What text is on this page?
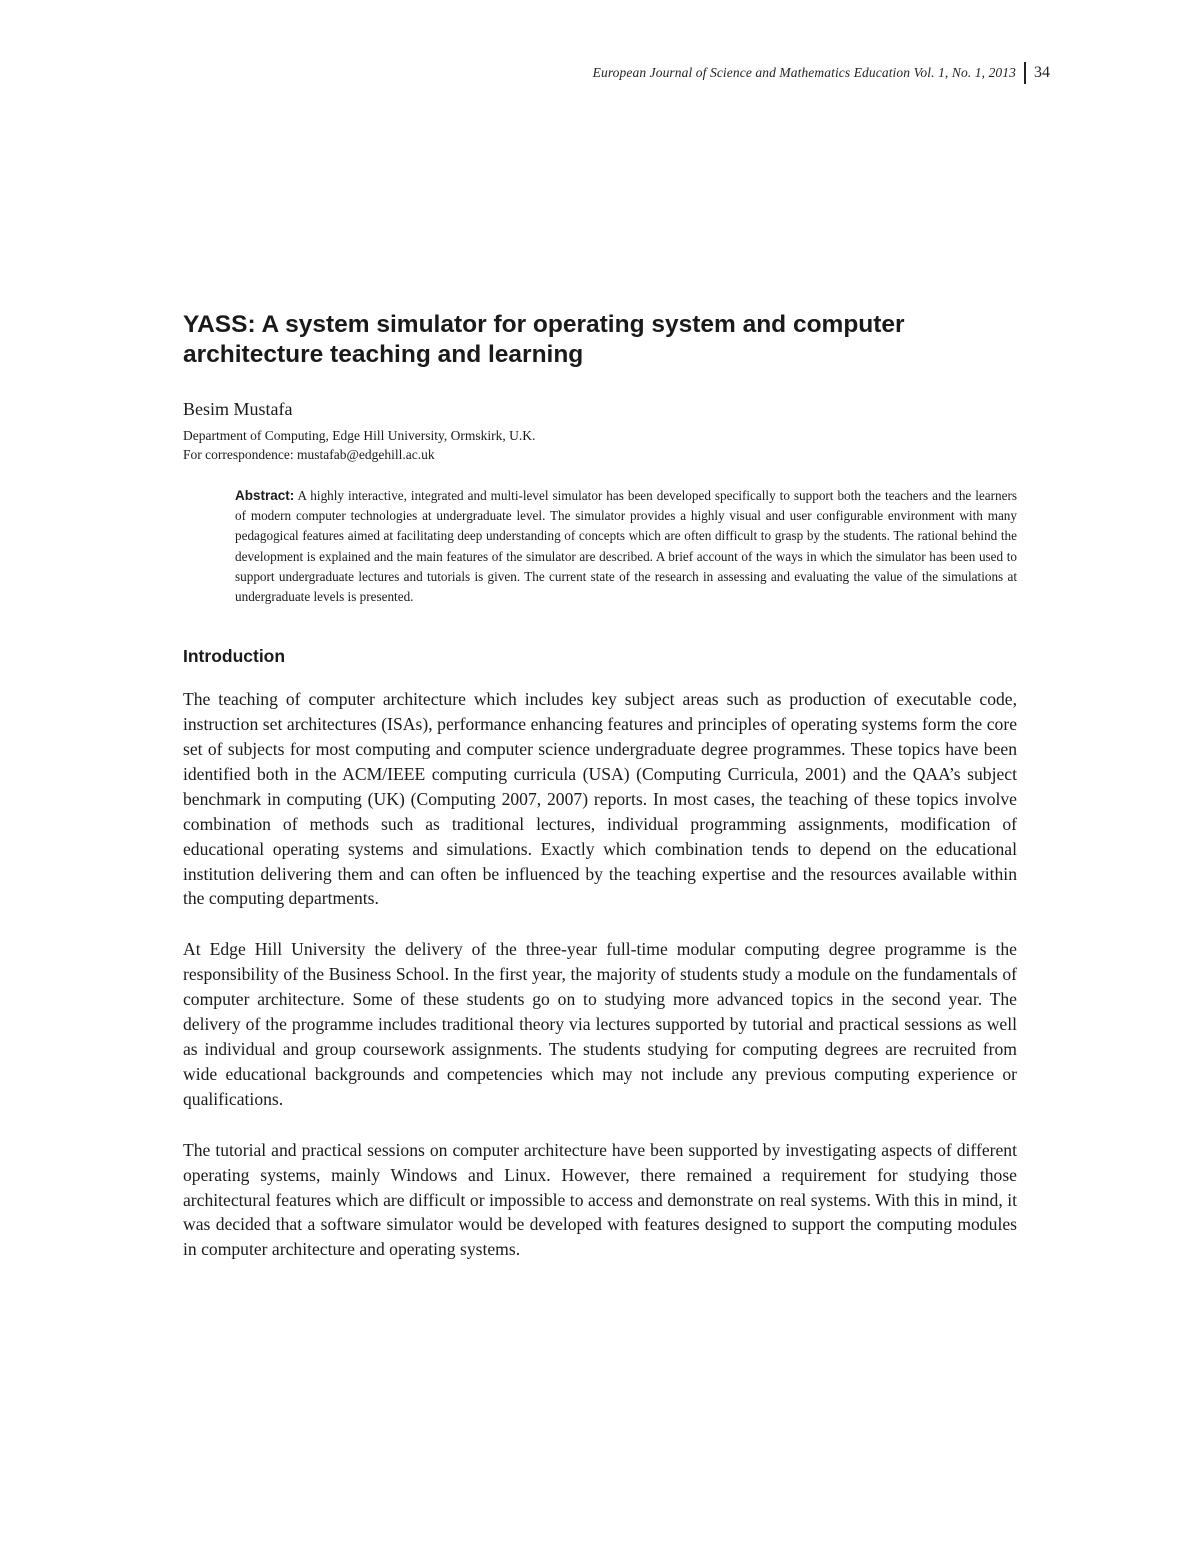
European Journal of Science and Mathematics Education Vol. 1, No. 1, 2013	34
YASS: A system simulator for operating system and computer
architecture teaching and learning
Besim Mustafa
Department of Computing, Edge Hill University, Ormskirk, U.K.
For correspondence: mustafab@edgehill.ac.uk
Abstract: A highly interactive, integrated and multi-level simulator has been developed specifically to support both the teachers and the learners of modern computer technologies at undergraduate level. The simulator provides a highly visual and user configurable environment with many pedagogical features aimed at facilitating deep understanding of concepts which are often difficult to grasp by the students. The rational behind the development is explained and the main features of the simulator are described. A brief account of the ways in which the simulator has been used to support undergraduate lectures and tutorials is given. The current state of the research in assessing and evaluating the value of the simulations at undergraduate levels is presented.
Introduction

The teaching of computer architecture which includes key subject areas such as production of executable code, instruction set architectures (ISAs), performance enhancing features and principles of operating systems form the core set of subjects for most computing and computer science undergraduate degree programmes. These topics have been identified both in the ACM/IEEE computing curricula (USA) (Computing Curricula, 2001) and the QAA’s subject benchmark in computing (UK) (Computing 2007, 2007) reports. In most cases, the teaching of these topics involve combination of methods such as traditional lectures, individual programming assignments, modification of educational operating systems and simulations. Exactly which combination tends to depend on the educational institution delivering them and can often be influenced by the teaching expertise and the resources available within the computing departments.

At Edge Hill University the delivery of the three-year full-time modular computing degree programme is the responsibility of the Business School. In the first year, the majority of students study a module on the fundamentals of computer architecture. Some of these students go on to studying more advanced topics in the second year. The delivery of the programme includes traditional theory via lectures supported by tutorial and practical sessions as well as individual and group coursework assignments. The students studying for computing degrees are recruited from wide educational backgrounds and competencies which may not include any previous computing experience or qualifications.

The tutorial and practical sessions on computer architecture have been supported by investigating aspects of different operating systems, mainly Windows and Linux. However, there remained a requirement for studying those architectural features which are difficult or impossible to access and demonstrate on real systems. With this in mind, it was decided that a software simulator would be developed with features designed to support the computing modules in computer architecture and operating systems.
